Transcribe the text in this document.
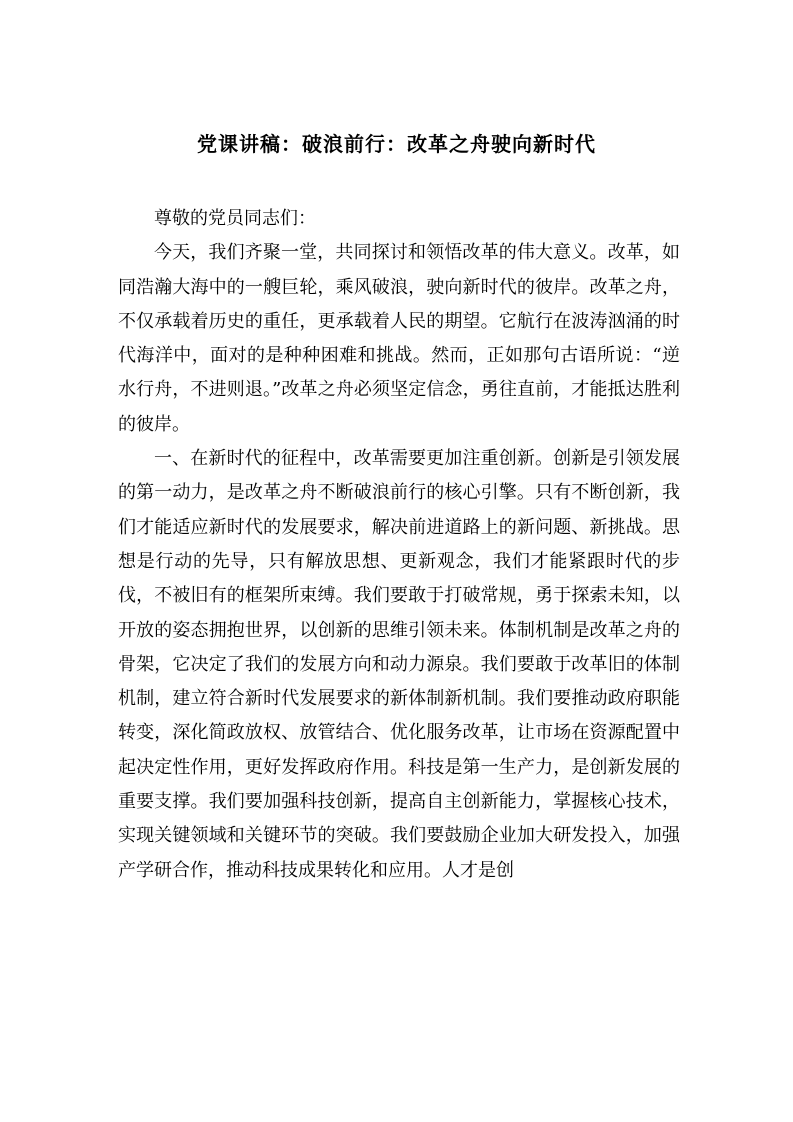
党课讲稿：破浪前行：改革之舟驶向新时代

尊敬的党员同志们：

今天，我们齐聚一堂，共同探讨和领悟改革的伟大意义。改革，如同浩瀚大海中的一艘巨轮，乘风破浪，驶向新时代的彼岸。改革之舟，不仅承载着历史的重任，更承载着人民的期望。它航行在波涛汹涌的时代海洋中，面对的是种种困难和挑战。然而，正如那句古语所说：“逆水行舟，不进则退。”改革之舟必须坚定信念，勇往直前，才能抵达胜利的彼岸。

一、在新时代的征程中，改革需要更加注重创新。创新是引领发展的第一动力，是改革之舟不断破浪前行的核心引擎。只有不断创新，我们才能适应新时代的发展要求，解决前进道路上的新问题、新挑战。思想是行动的先导，只有解放思想、更新观念，我们才能紧跟时代的步伐，不被旧有的框架所束缚。我们要敢于打破常规，勇于探索未知，以开放的姿态拥抱世界，以创新的思维引领未来。体制机制是改革之舟的骨架，它决定了我们的发展方向和动力源泉。我们要敢于改革旧的体制机制，建立符合新时代发展要求的新体制新机制。我们要推动政府职能转变，深化简政放权、放管结合、优化服务改革，让市场在资源配置中起决定性作用，更好发挥政府作用。科技是第一生产力，是创新发展的重要支撑。我们要加强科技创新，提高自主创新能力，掌握核心技术，实现关键领域和关键环节的突破。我们要鼓励企业加大研发投入，加强产学研合作，推动科技成果转化和应用。人才是创
